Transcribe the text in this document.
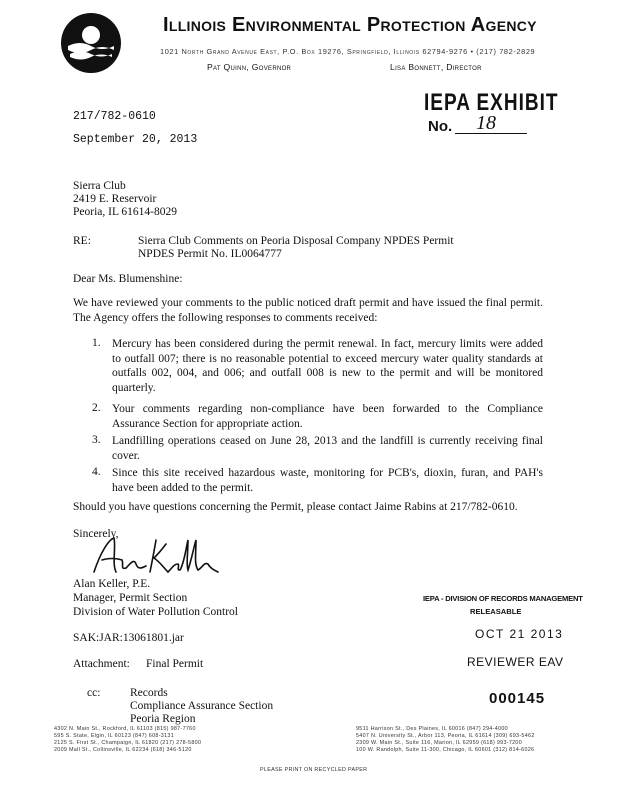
Illinois Environmental Protection Agency
1021 North Grand Avenue East, P.O. Box 19276, Springfield, Illinois 62794-9276 • (217) 782-2829
Pat Quinn, Governor	Lisa Bonnett, Director
IEPA EXHIBIT
No. 18
217/782-0610
September 20, 2013
Sierra Club
2419 E. Reservoir
Peoria, IL 61614-8029
RE:	Sierra Club Comments on Peoria Disposal Company NPDES Permit
NPDES Permit No. IL0064777
Dear Ms. Blumenshine:
We have reviewed your comments to the public noticed draft permit and have issued the final permit. The Agency offers the following responses to comments received:
1. Mercury has been considered during the permit renewal. In fact, mercury limits were added to outfall 007; there is no reasonable potential to exceed mercury water quality standards at outfalls 002, 004, and 006; and outfall 008 is new to the permit and will be monitored quarterly.
2. Your comments regarding non-compliance have been forwarded to the Compliance Assurance Section for appropriate action.
3. Landfilling operations ceased on June 28, 2013 and the landfill is currently receiving final cover.
4. Since this site received hazardous waste, monitoring for PCB's, dioxin, furan, and PAH's have been added to the permit.
Should you have questions concerning the Permit, please contact Jaime Rabins at 217/782-0610.
Sincerely,
Alan Keller, P.E.
Manager, Permit Section
Division of Water Pollution Control
SAK:JAR:13061801.jar
Attachment: Final Permit
cc:	Records
Compliance Assurance Section
Peoria Region
IEPA - DIVISION OF RECORDS MANAGEMENT
RELEASABLE
OCT 21 2013
REVIEWER EAV
000145
4302 N. Main St., Rockford, IL 61103 (815) 987-7760
595 S. State, Elgin, IL 60123 (847) 608-3131
2125 S. First St., Champaign, IL 61820 (217) 278-5800
2009 Mall St., Collinsville, IL 62234 (618) 346-5120
9511 Harrison St., Des Plaines, IL 60016 (847) 294-4000
5407 N. University St., Arbor 113, Peoria, IL 61614 (309) 693-5462
2309 W. Main St., Suite 116, Marion, IL 62959 (618) 993-7200
100 W. Randolph, Suite 11-300, Chicago, IL 60601 (312) 814-6026
PLEASE PRINT ON RECYCLED PAPER
